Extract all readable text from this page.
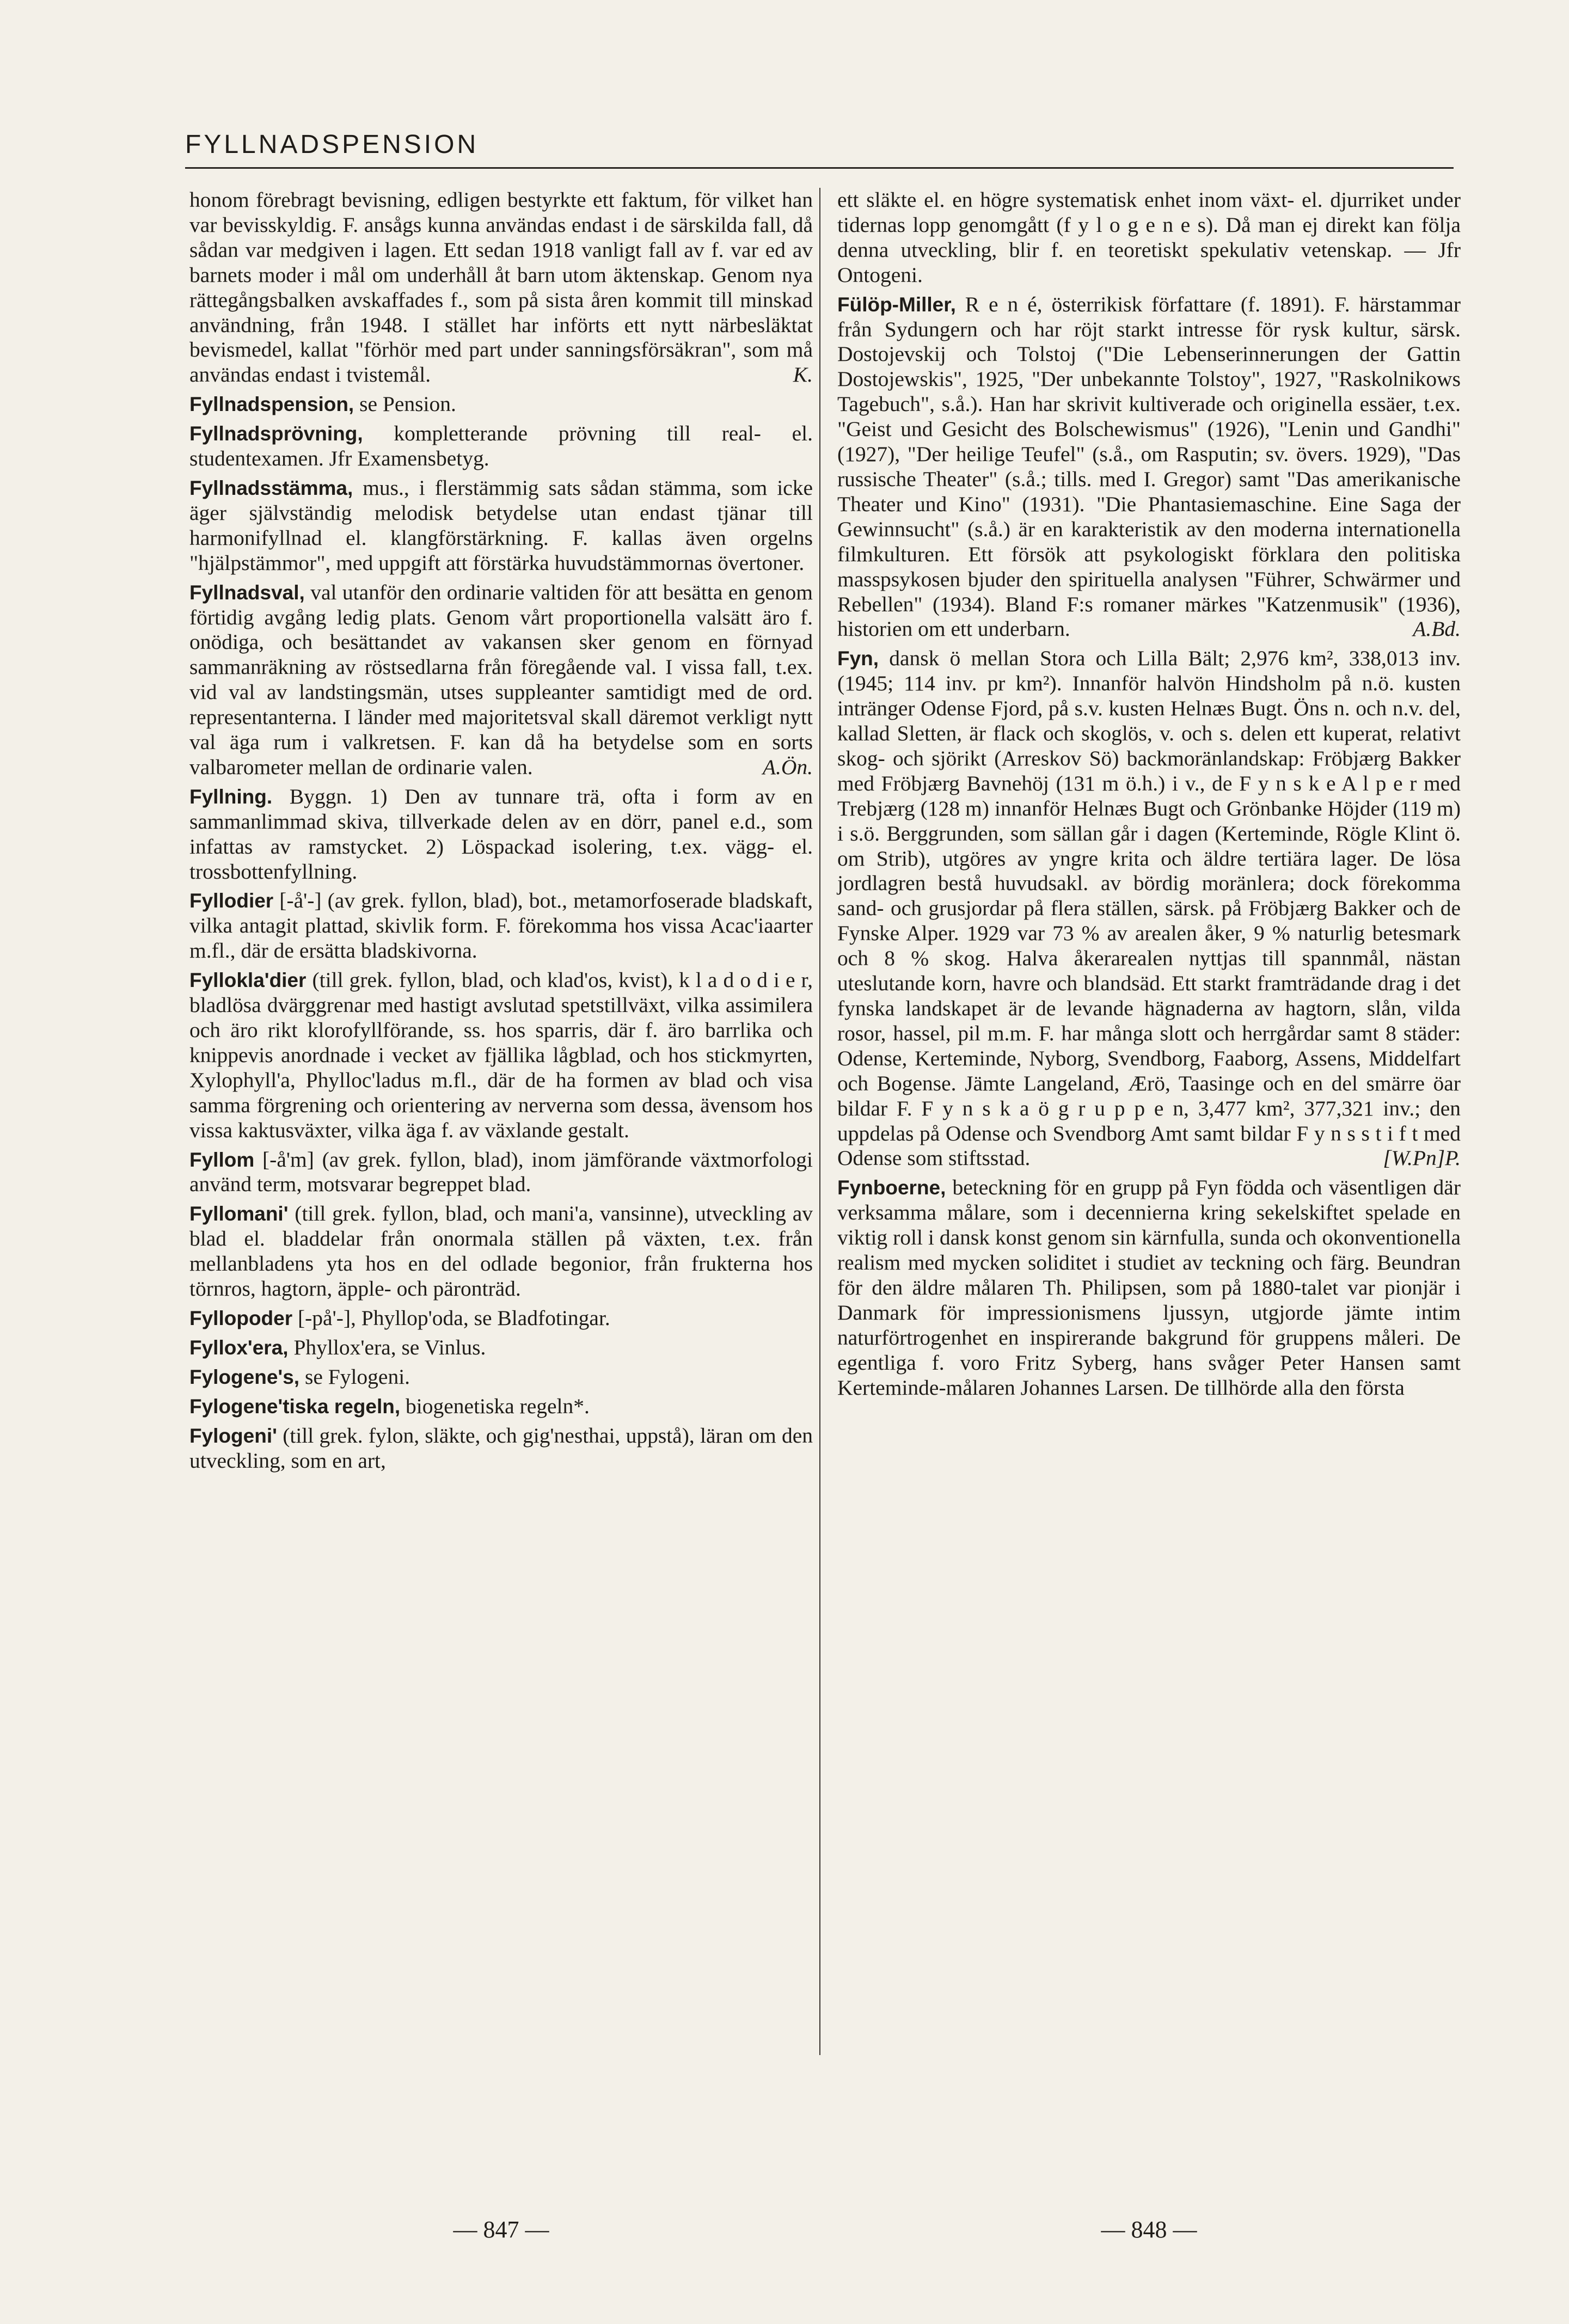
FYLLNADSPENSION

honom förebragt bevisning, edligen bestyrkte ett faktum, för vilket han var bevisskyldig. F. ansågs kunna användas endast i de särskilda fall, då sådan var medgiven i lagen. Ett sedan 1918 vanligt fall av f. var ed av barnets moder i mål om underhåll åt barn utom äktenskap. Genom nya rättegångsbalken avskaffades f., som på sista åren kommit till minskad användning, från 1948. I stället har införts ett nytt närbesläktat bevismedel, kallat "förhör med part under sanningsförsäkran", som må användas endast i tvistemål.	K.

Fyllnadspension, se Pension.

Fyllnadsprövning, kompletterande prövning till real- el. studentexamen. Jfr Examensbetyg.

Fyllnadsstämma, mus., i flerstämmig sats sådan stämma, som icke äger självständig melodisk betydelse utan endast tjänar till harmonifyllnad el. klangförstärkning. F. kallas även orgelns "hjälpstämmor", med uppgift att förstärka huvudstämmornas övertoner.

Fyllnadsval, val utanför den ordinarie valtiden för att besätta en genom förtidig avgång ledig plats. Genom vårt proportionella valsätt äro f. onödiga, och besättandet av vakansen sker genom en förnyad sammanräkning av röstsedlarna från föregående val. I vissa fall, t.ex. vid val av landstingsmän, utses suppleanter samtidigt med de ord. representanterna. I länder med majoritetsval skall däremot verkligt nytt val äga rum i valkretsen. F. kan då ha betydelse som en sorts valbarometer mellan de ordinarie valen.	A.Ön.

Fyllning. Byggn. 1) Den av tunnare trä, ofta i form av en sammanlimmad skiva, tillverkade delen av en dörr, panel e.d., som infattas av ramstycket. 2) Löspackad isolering, t.ex. vägg- el. trossbottenfyllning.

Fyllodier [-å'-] (av grek. fyllon, blad), bot., metamorfoserade bladskaft, vilka antagit plattad, skivlik form. F. förekomma hos vissa Acac'iaarter m.fl., där de ersätta bladskivorna.

Fyllokla'dier (till grek. fyllon, blad, och klad'os, kvist), k l a d o d i e r, bladlösa dvärggrenar med hastigt avslutad spetstillväxt, vilka assimilera och äro rikt klorofyllförande, ss. hos sparris, där f. äro barrlika och knippevis anordnade i vecket av fjällika lågblad, och hos stickmyrten, Xylophyll'a, Phylloc'ladus m.fl., där de ha formen av blad och visa samma förgrening och orientering av nerverna som dessa, ävensom hos vissa kaktusväxter, vilka äga f. av växlande gestalt.

Fyllom [-å'm] (av grek. fyllon, blad), inom jämförande växtmorfologi använd term, motsvarar begreppet blad.

Fyllomani' (till grek. fyllon, blad, och mani'a, vansinne), utveckling av blad el. bladdelar från onormala ställen på växten, t.ex. från mellanbladens yta hos en del odlade begonior, från frukterna hos törnros, hagtorn, äpple- och päronträd.

Fyllopoder [-på'-], Phyllop'oda, se Bladfotingar.

Fyllox'era, Phyllox'era, se Vinlus.

Fylogene's, se Fylogeni.

Fylogene'tiska regeln, biogenetiska regeln*.

Fylogeni' (till grek. fylon, släkte, och gig'nesthai, uppstå), läran om den utveckling, som en art,

ett släkte el. en högre systematisk enhet inom växt- el. djurriket under tidernas lopp genomgått (f y l o g e n e s). Då man ej direkt kan följa denna utveckling, blir f. en teoretiskt spekulativ vetenskap. — Jfr Ontogeni.

Fülöp-Miller, R e n é, österrikisk författare (f. 1891). F. härstammar från Sydungern och har röjt starkt intresse för rysk kultur, särsk. Dostojevskij och Tolstoj ("Die Lebenserinnerungen der Gattin Dostojewskis", 1925, "Der unbekannte Tolstoy", 1927, "Raskolnikows Tagebuch", s.å.). Han har skrivit kultiverade och originella essäer, t.ex. "Geist und Gesicht des Bolschewismus" (1926), "Lenin und Gandhi" (1927), "Der heilige Teufel" (s.å., om Rasputin; sv. övers. 1929), "Das russische Theater" (s.å.; tills. med I. Gregor) samt "Das amerikanische Theater und Kino" (1931). "Die Phantasiemaschine. Eine Saga der Gewinnsucht" (s.å.) är en karakteristik av den moderna internationella filmkulturen. Ett försök att psykologiskt förklara den politiska masspsykosen bjuder den spirituella analysen "Führer, Schwärmer und Rebellen" (1934). Bland F:s romaner märkes "Katzenmusik" (1936), historien om ett underbarn.	A.Bd.

Fyn, dansk ö mellan Stora och Lilla Bält; 2,976 km², 338,013 inv. (1945; 114 inv. pr km²). Innanför halvön Hindsholm på n.ö. kusten intränger Odense Fjord, på s.v. kusten Helnæs Bugt. Öns n. och n.v. del, kallad Sletten, är flack och skoglös, v. och s. delen ett kuperat, relativt skog- och sjörikt (Arreskov Sö) backmoränlandskap: Fröbjærg Bakker med Fröbjærg Bavnehöj (131 m ö.h.) i v., de F y n s k e A l p e r med Trebjærg (128 m) innanför Helnæs Bugt och Grönbanke Höjder (119 m) i s.ö. Berggrunden, som sällan går i dagen (Kerteminde, Rögle Klint ö. om Strib), utgöres av yngre krita och äldre tertiära lager. De lösa jordlagren bestå huvudsakl. av bördig moränlera; dock förekomma sand- och grusjordar på flera ställen, särsk. på Fröbjærg Bakker och de Fynske Alper. 1929 var 73 % av arealen åker, 9 % naturlig betesmark och 8 % skog. Halva åkerarealen nyttjas till spannmål, nästan uteslutande korn, havre och blandsäd. Ett starkt framträdande drag i det fynska landskapet är de levande hägnaderna av hagtorn, slån, vilda rosor, hassel, pil m.m. F. har många slott och herrgårdar samt 8 städer: Odense, Kerteminde, Nyborg, Svendborg, Faaborg, Assens, Middelfart och Bogense. Jämte Langeland, Ærö, Taasinge och en del smärre öar bildar F. F y n s k a ö g r u p p e n, 3,477 km², 377,321 inv.; den uppdelas på Odense och Svendborg Amt samt bildar F y n s s t i f t med Odense som stiftsstad.	[W.Pn]P.

Fynboerne, beteckning för en grupp på Fyn födda och väsentligen där verksamma målare, som i decennierna kring sekelskiftet spelade en viktig roll i dansk konst genom sin kärnfulla, sunda och okonventionella realism med mycken soliditet i studiet av teckning och färg. Beundran för den äldre målaren Th. Philipsen, som på 1880-talet var pionjär i Danmark för impressionismens ljussyn, utgjorde jämte intim naturförtrogenhet en inspirerande bakgrund för gruppens måleri. De egentliga f. voro Fritz Syberg, hans svåger Peter Hansen samt Kerteminde-målaren Johannes Larsen. De tillhörde alla den första

— 847 —	— 848 —
